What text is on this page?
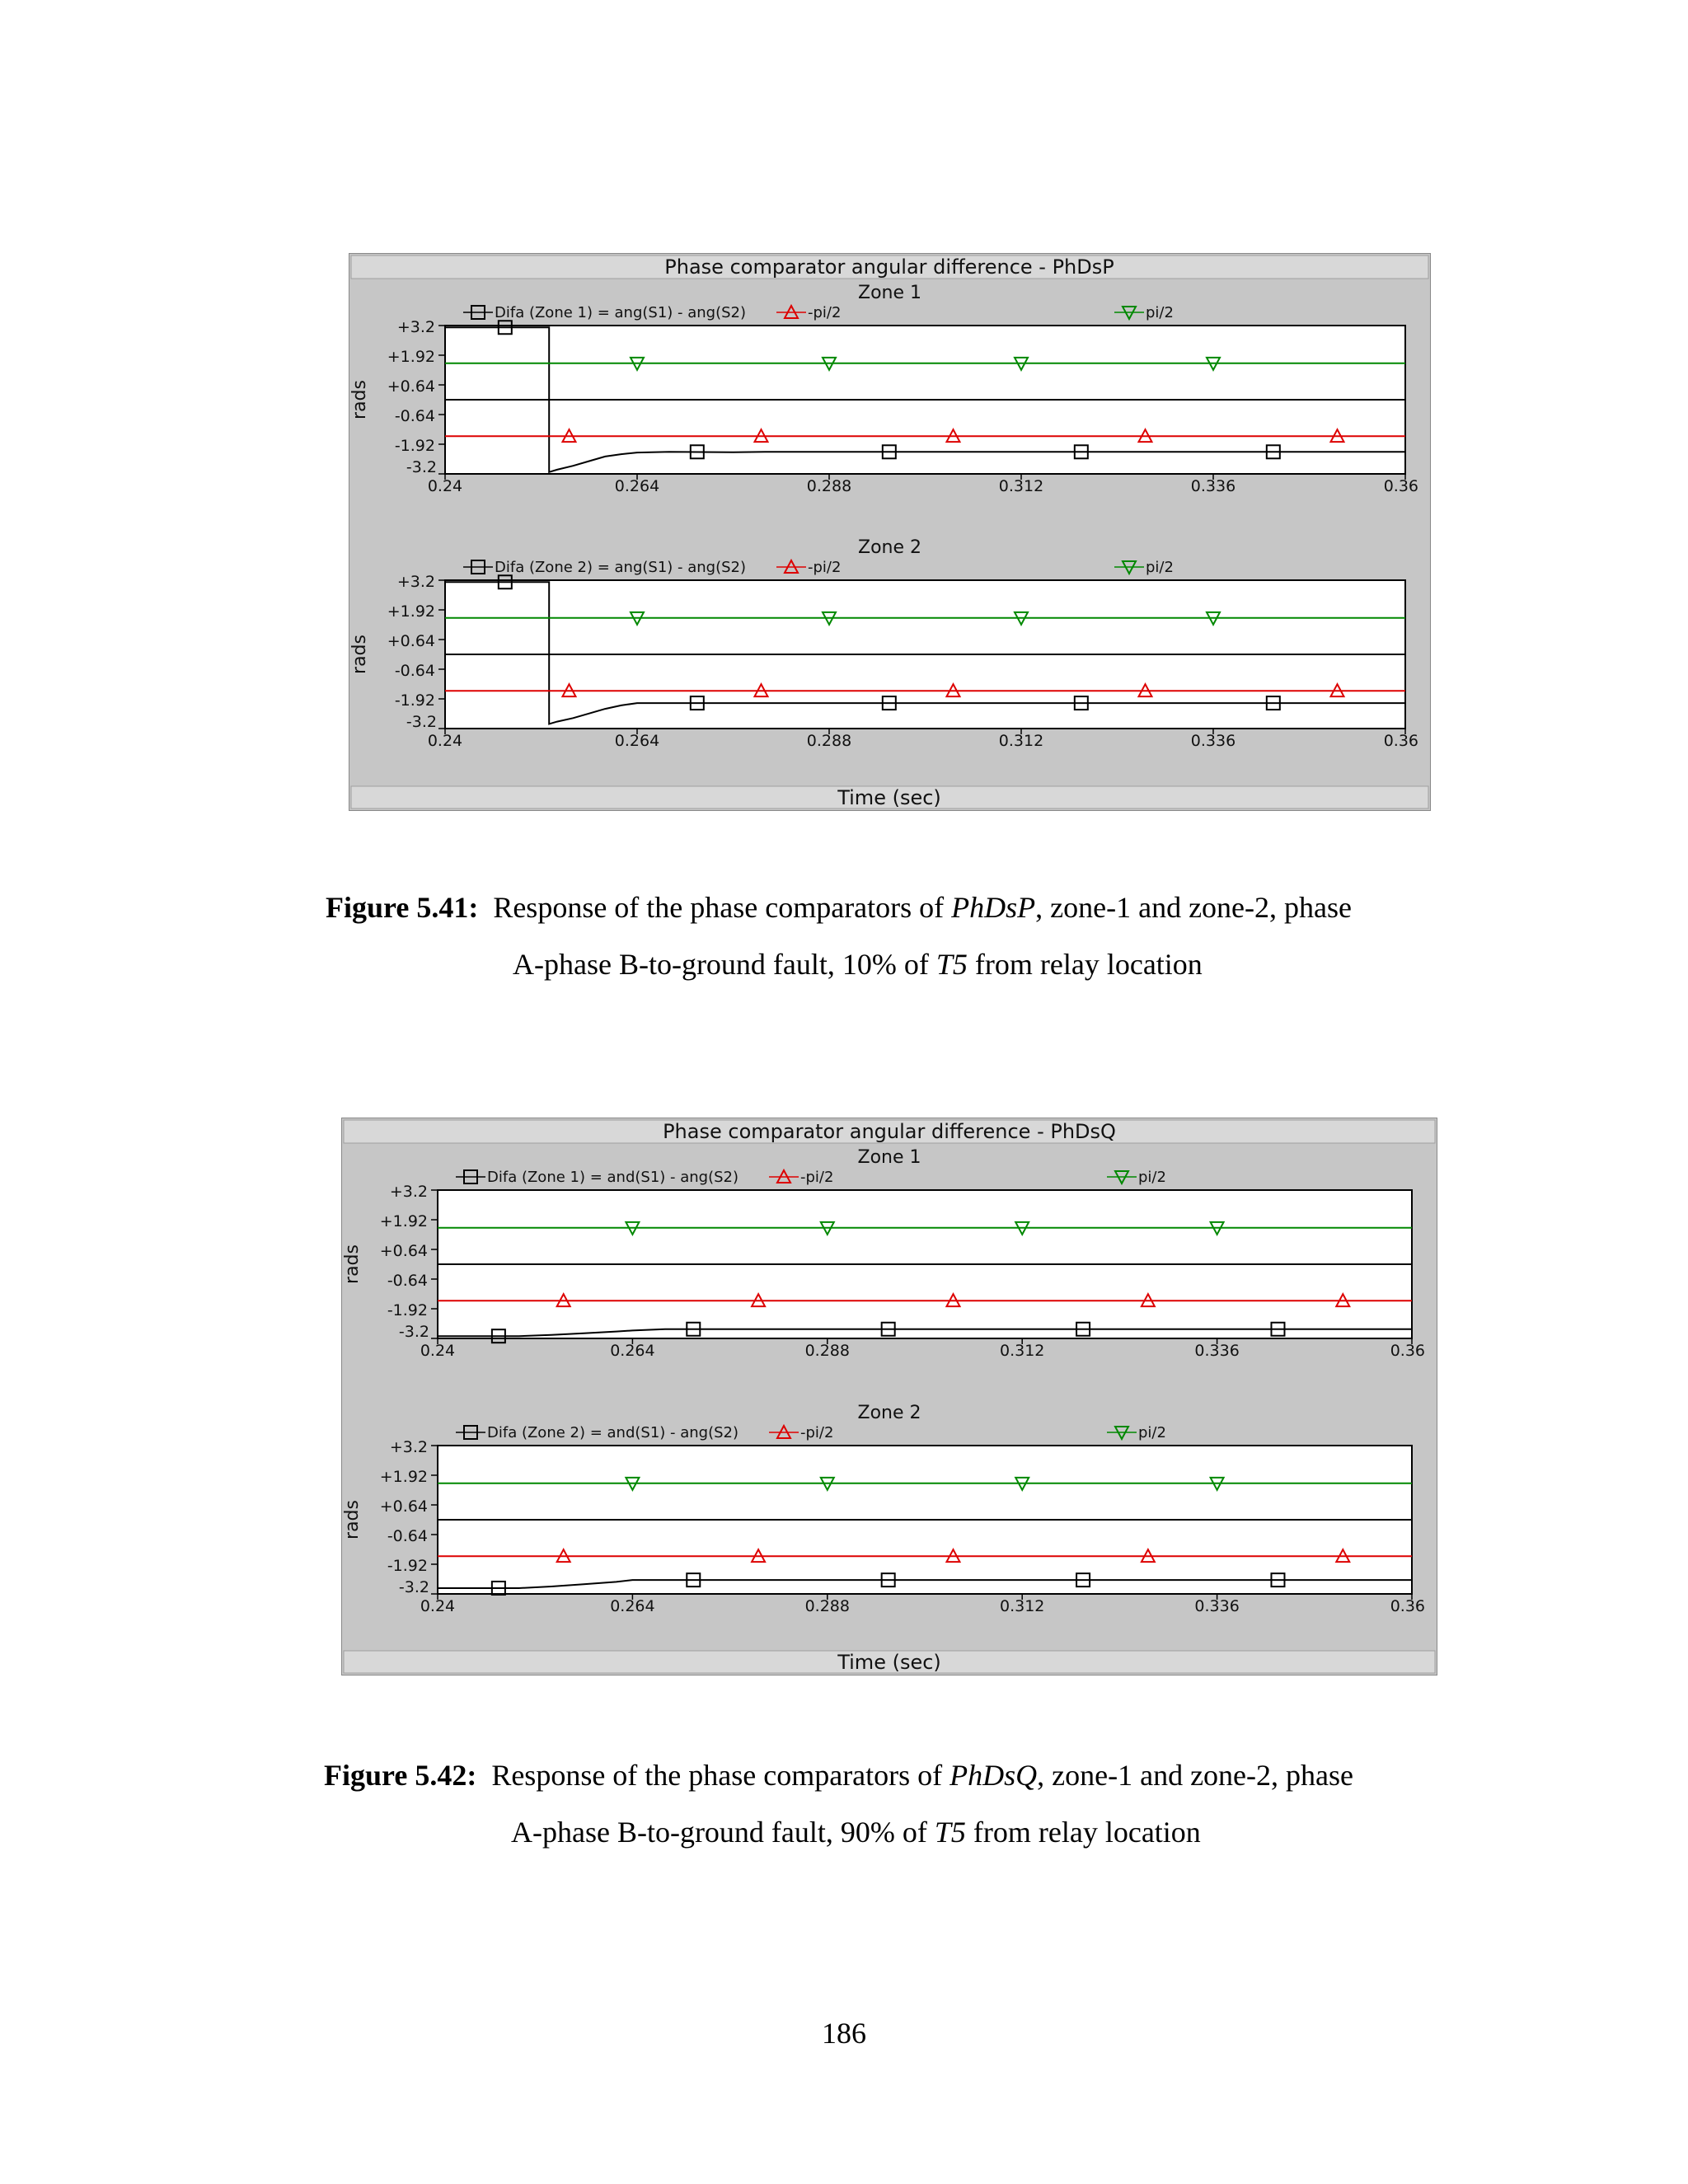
Phase comparator angular difference - PhDsP
Zone 1
+3.2
+1.92
+0.64
-0.64
-1.92
-3.2
0.24	0.264	0.288	0.312	0.336	0.36
rads
Difa (Zone 1) = ang(S1) - ang(S2)	-pi/2	pi/2
Zone 2
+3.2
+1.92
+0.64
-0.64
-1.92
-3.2
0.24	0.264	0.288	0.312	0.336	0.36
rads
Difa (Zone 2) = ang(S1) - ang(S2)	-pi/2	pi/2
Time (sec)
Figure 5.41: Response of the phase comparators of PhDsP, zone-1 and zone-2, phase
A-phase B-to-ground fault, 10% of T5 from relay location
Phase comparator angular difference - PhDsQ
Zone 1
+3.2
+1.92
+0.64
-0.64
-1.92
-3.2
0.24	0.264	0.288	0.312	0.336	0.36
rads
Difa (Zone 1) = and(S1) - ang(S2)	-pi/2	pi/2
Zone 2
+3.2
+1.92
+0.64
-0.64
-1.92
-3.2
0.24	0.264	0.288	0.312	0.336	0.36
rads
Difa (Zone 2) = and(S1) - ang(S2)	-pi/2	pi/2
Time (sec)
Figure 5.42: Response of the phase comparators of PhDsQ, zone-1 and zone-2, phase
A-phase B-to-ground fault, 90% of T5 from relay location
186
